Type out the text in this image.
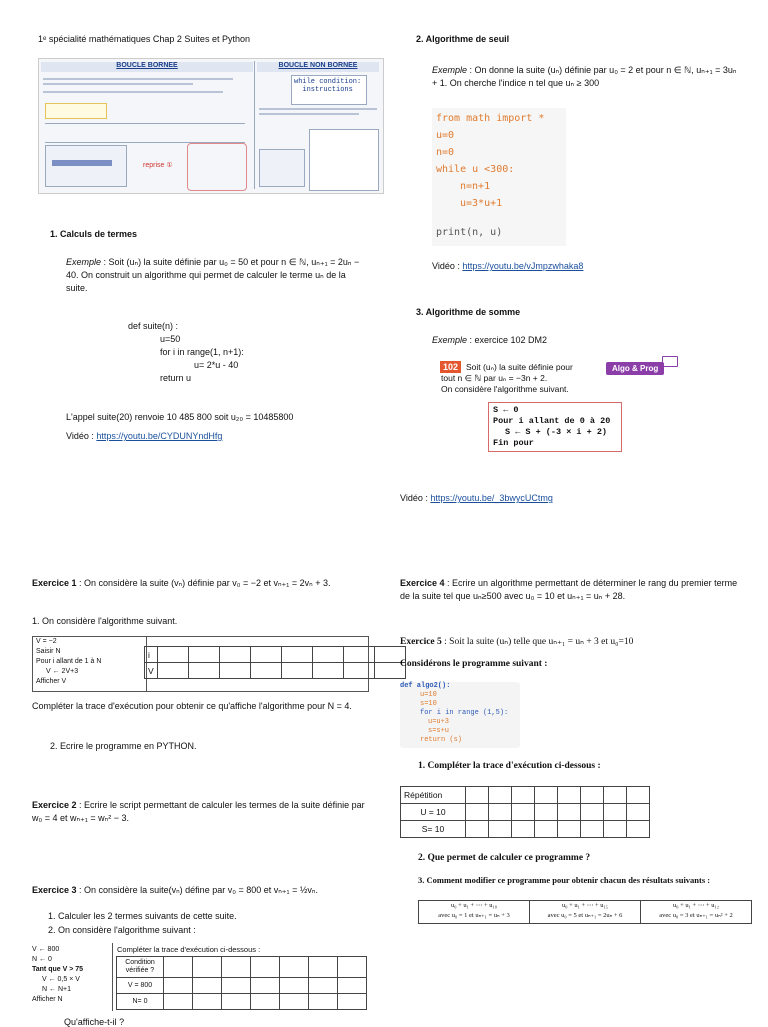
1ᵉ spécialité mathématiques Chap 2 Suites et Python
BOUCLE BORNEE	BOUCLE NON BORNEE
reprise ①
while condition:
instructions
1. Calculs de termes
Exemple : Soit (uₙ) la suite définie par u₀ = 50 et pour n ∈ ℕ, uₙ₊₁ = 2uₙ − 40. On construit un algorithme qui permet de calculer le terme uₙ de la suite.
def suite(n) :
u=50
for i in range(1, n+1):
u= 2*u - 40
return u
L'appel suite(20) renvoie 10 485 800 soit u₂₀ = 10485800
Vidéo : https://youtu.be/CYDUNYndHfg
2. Algorithme de seuil
Exemple : On donne la suite (uₙ) définie par u₀ = 2 et pour n ∈ ℕ, uₙ₊₁ = 3uₙ + 1. On cherche l'indice n tel que uₙ ≥ 300
from math import *
u=0
n=0
while u <300:
n=n+1
u=3*u+1
print(n, u)
Vidéo : https://youtu.be/vJmpzwhaka8
3. Algorithme de somme
Exemple : exercice 102 DM2
102 Soit (uₙ) la suite définie pour
tout n ∈ ℕ par uₙ = −3n + 2.
On considère l'algorithme suivant.
Algo & Prog
S ← 0
Pour i allant de 0 à 20
S ← S + (-3 × i + 2)
Fin pour
Vidéo : https://youtu.be/_3bwycUCtmg
Exercice 1 : On considère la suite (vₙ) définie par v₀ = −2 et vₙ₊₁ = 2vₙ + 3.
1. On considère l'algorithme suivant.
V = −2
Saisir N
Pour i allant de 1 à N
V ← 2V+3
Afficher V
i								
V								
Compléter la trace d'exécution pour obtenir ce qu'affiche l'algorithme pour N = 4.
2. Ecrire le programme en PYTHON.
Exercice 2 : Ecrire le script permettant de calculer les termes de la suite définie par w₀ = 4 et wₙ₊₁ = wₙ² − 3.
Exercice 3 : On considère la suite(vₙ) défine par v₀ = 800 et vₙ₊₁ = ½vₙ.
1. Calculer les 2 termes suivants de cette suite.
2. On considère l'algorithme suivant :
V ← 800
N ← 0
Tant que V > 75
V ← 0,5 × V
N ← N+1
Afficher N
Compléter la trace d'exécution ci-dessous :
Condition vérifiée ?							
V = 800							
N= 0							
Qu'affiche-t-il ?
Exercice 4 : Ecrire un algorithme permettant de déterminer le rang du premier terme de la suite tel que uₙ≥500 avec u₀ = 10 et uₙ₊₁ = uₙ + 28.
Exercice 5 : Soit la suite (uₙ) telle que uₙ₊₁ = uₙ + 3 et u₀=10
Considérons le programme suivant :
def algo2():
u=10
s=10
for i in range (1,5):
u=u+3
s=s+u
return (s)
1. Compléter la trace d'exécution ci-dessous :
Répétition								
U = 10								
S= 10								
2. Que permet de calculer ce programme ?
3. Comment modifier ce programme pour obtenir chacun des résultats suivants :
u₀ + u₁ + ⋯ + u₁₀
avec u₀ = 1 et uₙ₊₁ = uₙ + 3
u₀ + u₁ + ⋯ + u₁₅
avec u₀ = 5 et uₙ₊₁ = 2uₙ + 6
u₀ + u₁ + ⋯ + u₁₂
avec u₀ = 3 et uₙ₊₁ = uₙ² + 2
